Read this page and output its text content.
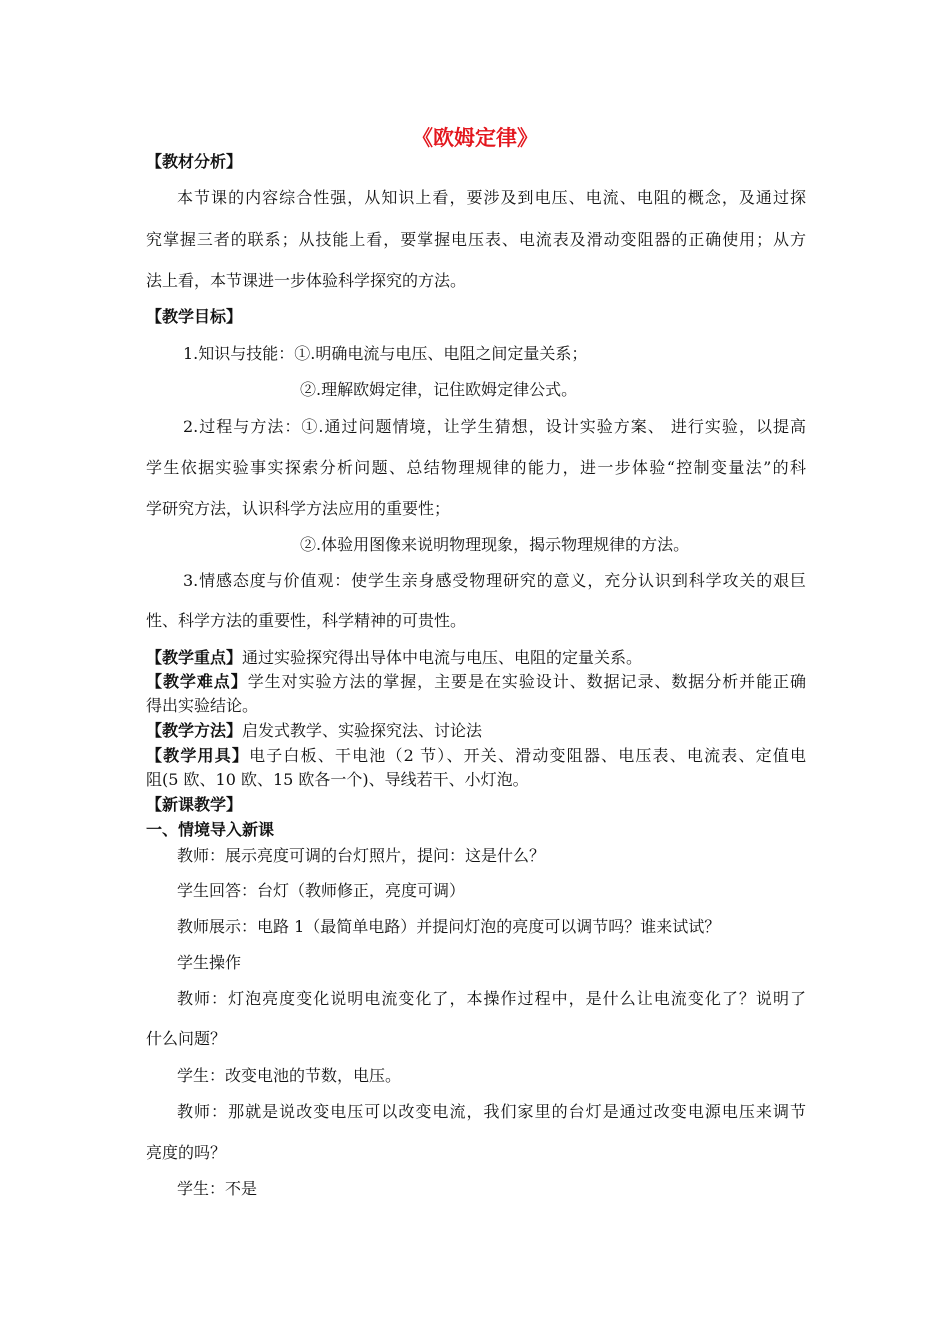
《欧姆定律》
【教材分析】
本节课的内容综合性强，从知识上看，要涉及到电压、电流、电阻的概念，及通过探
究掌握三者的联系；从技能上看，要掌握电压表、电流表及滑动变阻器的正确使用；从方
法上看，本节课进一步体验科学探究的方法。
【教学目标】
1.知识与技能：①.明确电流与电压、电阻之间定量关系；
②.理解欧姆定律，记住欧姆定律公式。
2.过程与方法：①.通过问题情境，让学生猜想，设计实验方案、 进行实验，以提高
学生依据实验事实探索分析问题、总结物理规律的能力，进一步体验“控制变量法”的科
学研究方法，认识科学方法应用的重要性；
②.体验用图像来说明物理现象，揭示物理规律的方法。
3.情感态度与价值观：使学生亲身感受物理研究的意义，充分认识到科学攻关的艰巨
性、科学方法的重要性，科学精神的可贵性。
【教学重点】通过实验探究得出导体中电流与电压、电阻的定量关系。
【教学难点】学生对实验方法的掌握，主要是在实验设计、数据记录、数据分析并能正确
得出实验结论。
【教学方法】启发式教学、实验探究法、讨论法
【教学用具】电子白板、干电池（2 节）、开关、滑动变阻器、电压表、电流表、定值电
阻(5 欧、10 欧、15 欧各一个)、导线若干、小灯泡。
【新课教学】
一、情境导入新课
教师：展示亮度可调的台灯照片，提问：这是什么？
学生回答：台灯（教师修正，亮度可调）
教师展示：电路 1（最简单电路）并提问灯泡的亮度可以调节吗？谁来试试？
学生操作
教师：灯泡亮度变化说明电流变化了，本操作过程中，是什么让电流变化了？说明了
什么问题？
学生：改变电池的节数，电压。
教师：那就是说改变电压可以改变电流，我们家里的台灯是通过改变电源电压来调节
亮度的吗？
学生：不是
